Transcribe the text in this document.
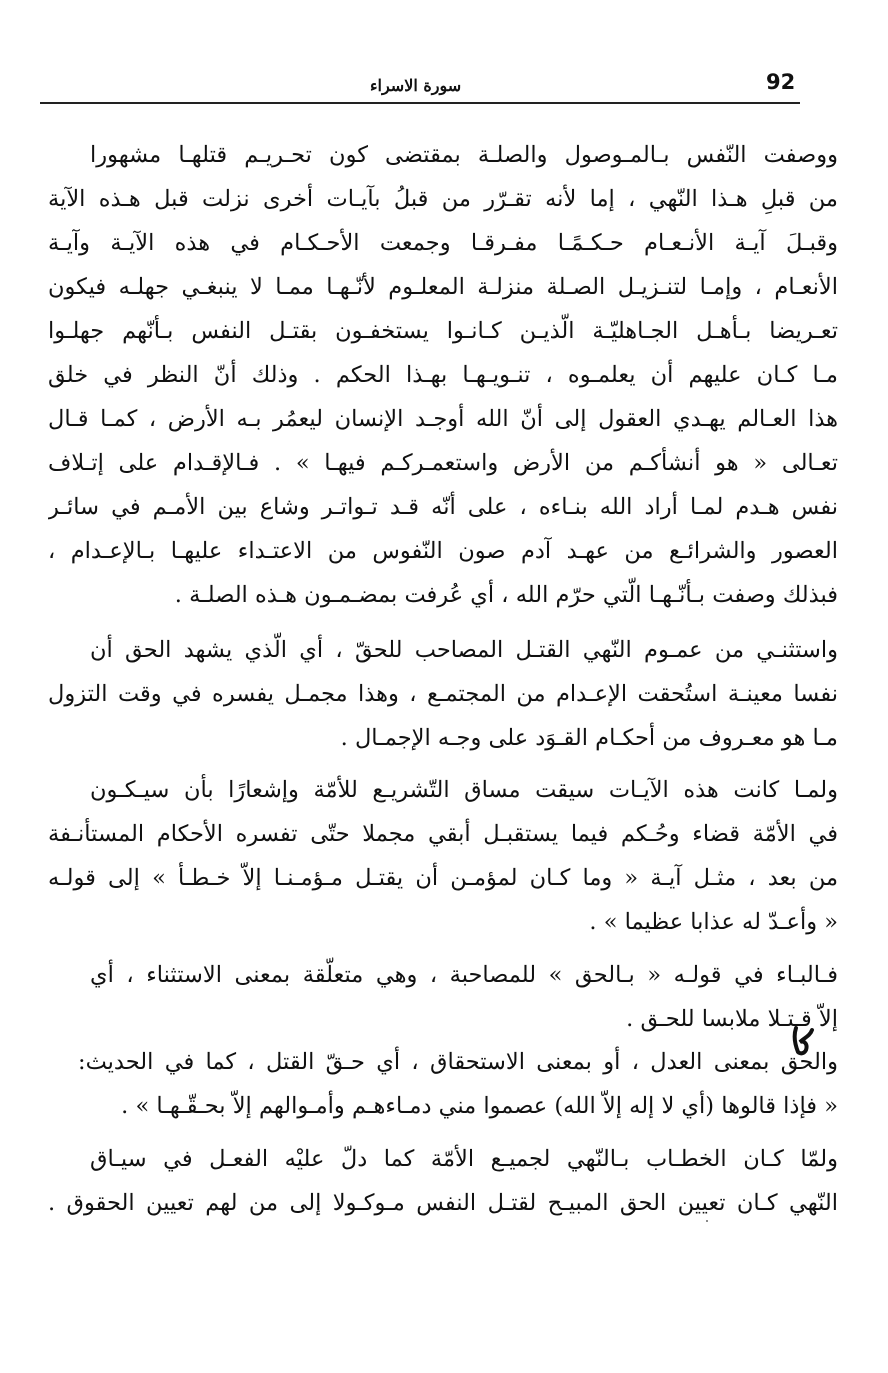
92
سورة الاسراء
ووصفت النّفس بـالمـوصول والصلـة بمقتضى كون تحـريـم قتلهـا مشهورا
من قبلِ هـذا النّهي ، إما لأنه تقـرّر من قبلُ بآيـات أخرى نزلت قبل هـذه الآية
وقبـلَ آيـة الأنـعـام حـكـمًـا مفـرقـا وجمعت الأحـكـام في هذه الآيـة وآيـة
الأنعـام ، وإمـا لتنـزيـل الصـلة منزلـة المعلـوم لأنّـهـا ممـا لا ينبغـي جهلـه فيكون
تعـريضا بـأهـل الجـاهليّـة الّذيـن كـانـوا يستخفـون بقتـل النفس بـأنّهم جهلـوا
مـا كـان عليهم أن يعلمـوه ، تنـويـهـا بهـذا الحكم . وذلك أنّ النظر في خلق
هذا العـالم يهـدي العقول إلى أنّ الله أوجـد الإنسان ليعمُر بـه الأرض ، كمـا قـال
تعـالى « هو أنشأكـم من الأرض واستعمـركـم فيهـا » . فـالإقـدام على إتـلاف
نفس هـدم لمـا أراد الله بنـاءه ، على أنّه قـد تـواتـر وشاع بين الأمـم في سائـر
العصور والشرائـع من عهـد آدم صون النّفوس من الاعتـداء عليهـا بـالإعـدام ،
فبذلك وصفت بـأنّـهـا الّتي حرّم الله ، أي عُرفت بمضـمـون هـذه الصلـة .
واستثنـي من عمـوم النّهي القتـل المصاحب للحقّ ، أي الّذي يشهد الحق أن
نفسا معينـة استُحقت الإعـدام من المجتمـع ، وهذا مجمـل يفسره في وقت التزول
مـا هو معـروف من أحكـام القـوَد على وجـه الإجمـال .
ولمـا كانت هذه الآيـات سيقت مساق التّشريـع للأمّة وإشعارًا بأن سيـكـون
في الأمّة قضاء وحُـكم فيما يستقبـل أبقي مجملا حتّى تفسره الأحكام المستأنـفة
من بعد ، مثـل آيـة « وما كـان لمؤمـن أن يقتـل مـؤمـنـا إلاّ خـطـأ » إلى قولـه
« وأعـدّ له عذابا عظيما » .
فـالبـاء في قولـه « بـالحق » للمصاحبة ، وهي متعلّقة بمعنى الاستثناء ، أي
إلاّ قـتـلا ملابسا للحـق .
والحق بمعنى العدل ، أو بمعنى الاستحقاق ، أي حـقّ القتل ، كما في الحديث:
« فإذا قالوها (أي لا إله إلاّ الله) عصموا مني دمـاءهـم وأمـوالهم إلاّ بحـقّـهـا » .
ولمّا كـان الخطـاب بـالنّهي لجميـع الأمّة كما دلّ عليْه الفعـل في سيـاق
النّهي كـان تعيين الحق المبيـح لقتـل النفس مـوكـولا إلى من لهم تعيين الحقوق .
